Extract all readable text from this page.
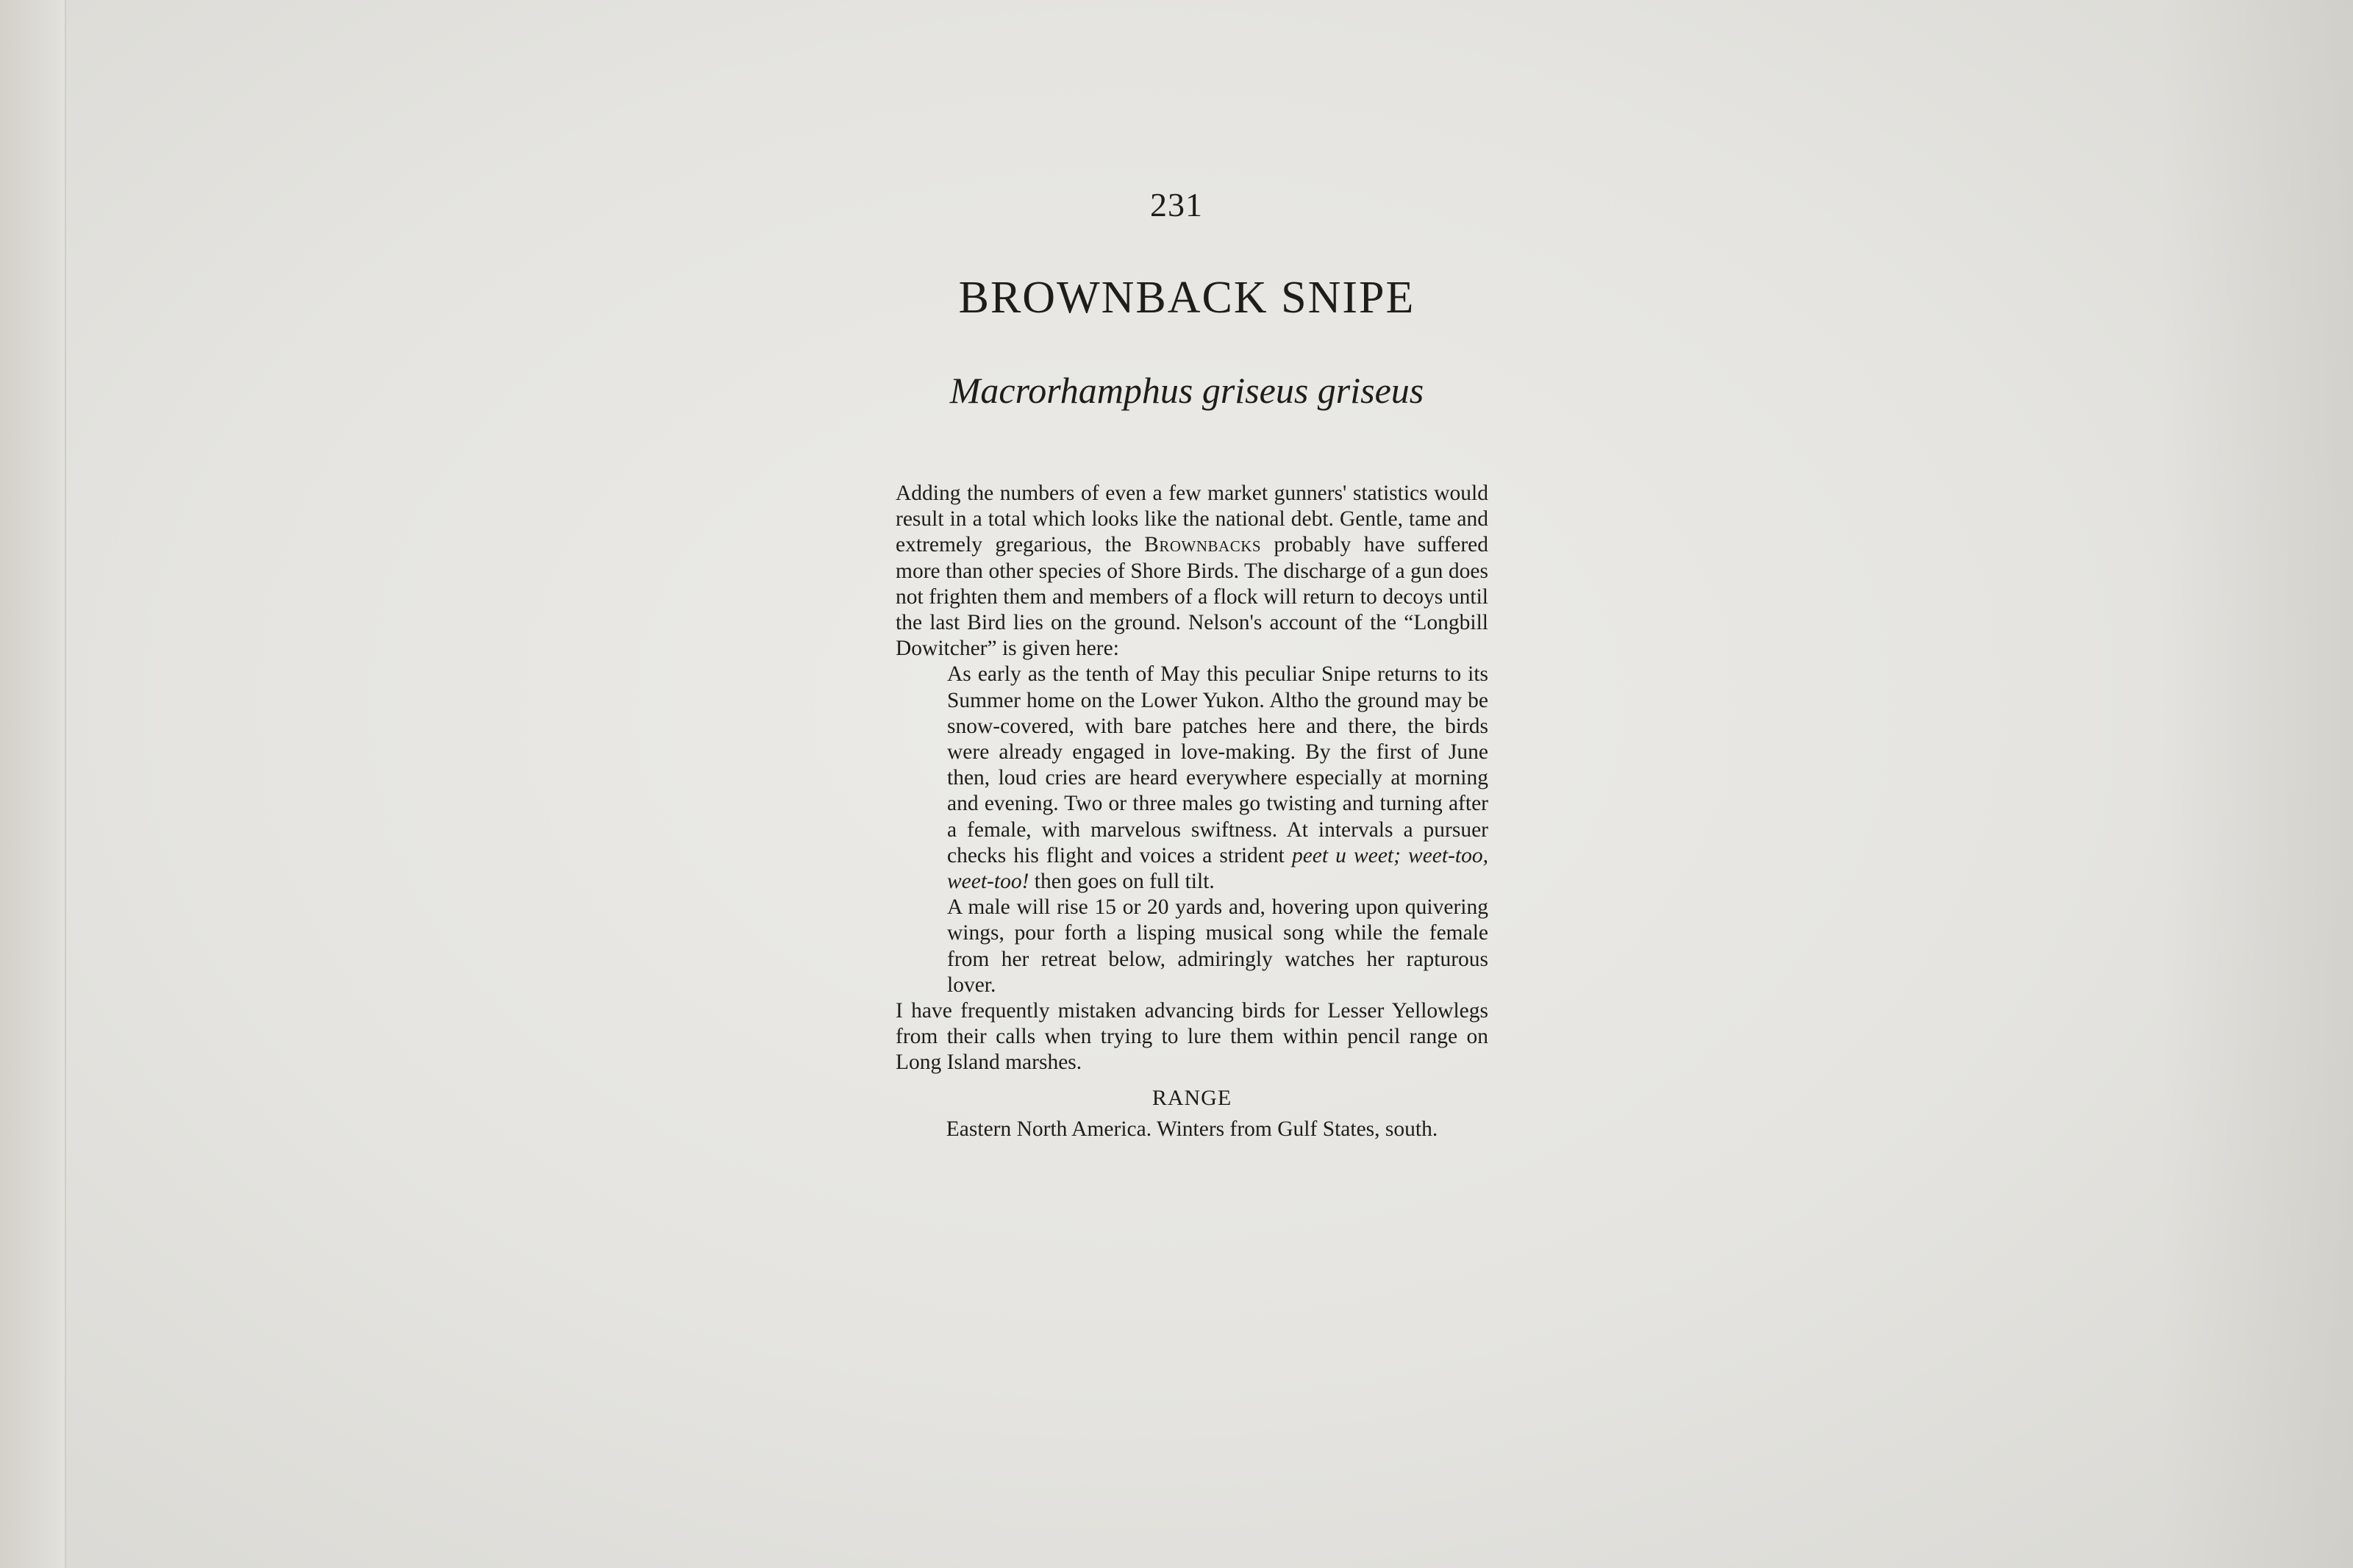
231
BROWNBACK SNIPE
Macrorhamphus griseus griseus

Adding the numbers of even a few market gunners' statistics would result in a total which looks like the national debt. Gentle, tame and extremely gregarious, the Brownbacks probably have suffered more than other species of Shore Birds. The discharge of a gun does not frighten them and members of a flock will return to decoys until the last Bird lies on the ground. Nelson's account of the “Longbill Dowitcher” is given here:

As early as the tenth of May this peculiar Snipe returns to its Summer home on the Lower Yukon. Altho the ground may be snow-covered, with bare patches here and there, the birds were already engaged in love-making. By the first of June then, loud cries are heard everywhere especially at morning and evening. Two or three males go twisting and turning after a female, with marvelous swiftness. At intervals a pursuer checks his flight and voices a strident peet u weet; weet-too, weet-too! then goes on full tilt.

A male will rise 15 or 20 yards and, hovering upon quivering wings, pour forth a lisping musical song while the female from her retreat below, admiringly watches her rapturous lover.

I have frequently mistaken advancing birds for Lesser Yellowlegs from their calls when trying to lure them within pencil range on Long Island marshes.

RANGE
Eastern North America. Winters from Gulf States, south.
